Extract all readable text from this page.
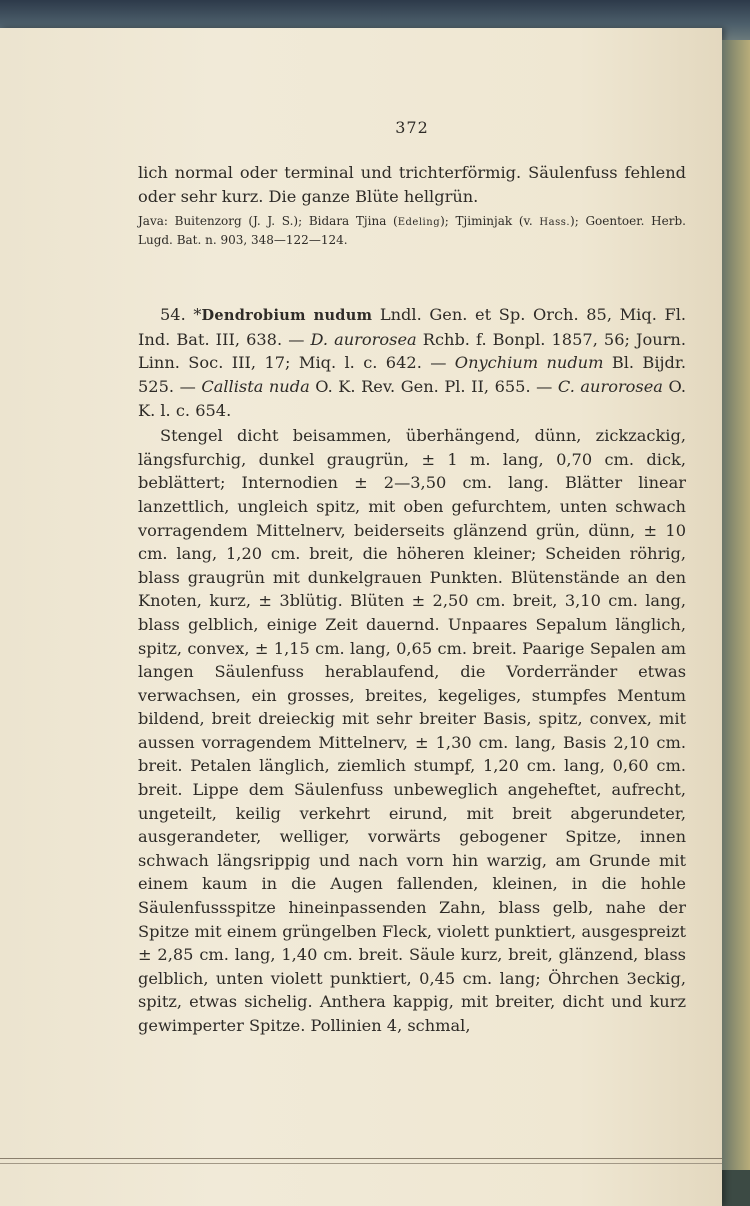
372

lich normal oder terminal und trichterförmig. Säulenfuss fehlend oder sehr kurz. Die ganze Blüte hellgrün.

Java: Buitenzorg (J. J. S.); Bidara Tjina (Edeling); Tjiminjak (v. Hass.); Goentoer. Herb. Lugd. Bat. n. 903, 348—122—124.

54. *Dendrobium nudum Lndl. Gen. et Sp. Orch. 85, Miq. Fl. Ind. Bat. III, 638. — D. aurorosea Rchb. f. Bonpl. 1857, 56; Journ. Linn. Soc. III, 17; Miq. l. c. 642. — Onychium nudum Bl. Bijdr. 525. — Callista nuda O. K. Rev. Gen. Pl. II, 655. — C. aurorosea O. K. l. c. 654.

Stengel dicht beisammen, überhängend, dünn, zickzackig, längsfurchig, dunkel graugrün, ± 1 m. lang, 0,70 cm. dick, beblättert; Internodien ± 2—3,50 cm. lang. Blätter linear lanzettlich, ungleich spitz, mit oben gefurchtem, unten schwach vorragendem Mittelnerv, beiderseits glänzend grün, dünn, ± 10 cm. lang, 1,20 cm. breit, die höheren kleiner; Scheiden röhrig, blass graugrün mit dunkelgrauen Punkten. Blütenstände an den Knoten, kurz, ± 3blütig. Blüten ± 2,50 cm. breit, 3,10 cm. lang, blass gelblich, einige Zeit dauernd. Unpaares Sepalum länglich, spitz, convex, ± 1,15 cm. lang, 0,65 cm. breit. Paarige Sepalen am langen Säulenfuss herablaufend, die Vorderränder etwas verwachsen, ein grosses, breites, kegeliges, stumpfes Mentum bildend, breit dreieckig mit sehr breiter Basis, spitz, convex, mit aussen vorragendem Mittelnerv, ± 1,30 cm. lang, Basis 2,10 cm. breit. Petalen länglich, ziemlich stumpf, 1,20 cm. lang, 0,60 cm. breit. Lippe dem Säulenfuss unbeweglich angeheftet, aufrecht, ungeteilt, keilig verkehrt eirund, mit breit abgerundeter, ausgerandeter, welliger, vorwärts gebogener Spitze, innen schwach längsrippig und nach vorn hin warzig, am Grunde mit einem kaum in die Augen fallenden, kleinen, in die hohle Säulenfussspitze hineinpassenden Zahn, blass gelb, nahe der Spitze mit einem grüngelben Fleck, violett punktiert, ausgespreizt ± 2,85 cm. lang, 1,40 cm. breit. Säule kurz, breit, glänzend, blass gelblich, unten violett punktiert, 0,45 cm. lang; Öhrchen 3eckig, spitz, etwas sichelig. Anthera kappig, mit breiter, dicht und kurz gewimperter Spitze. Pollinien 4, schmal,
